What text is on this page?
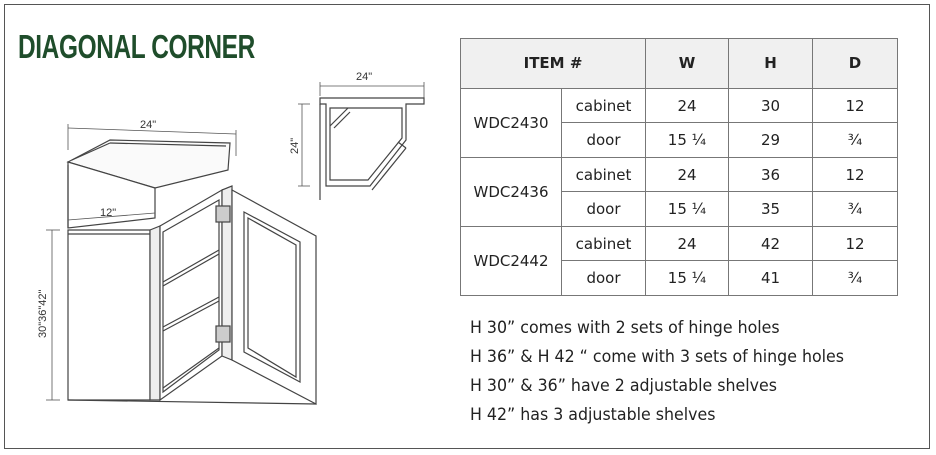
DIAGONAL CORNER
24"
12"
30"36"42"
24"
24"
ITEM #		W	H	D
WDC2430	cabinet	24	30	12
	door	15 ¼	29	¾
WDC2436	cabinet	24	36	12
	door	15 ¼	35	¾
WDC2442	cabinet	24	42	12
	door	15 ¼	41	¾
H 30” comes with 2 sets of hinge holes
H 36” & H 42 “ come with 3 sets of hinge holes
H 30” & 36” have 2 adjustable shelves
H 42” has 3 adjustable shelves
